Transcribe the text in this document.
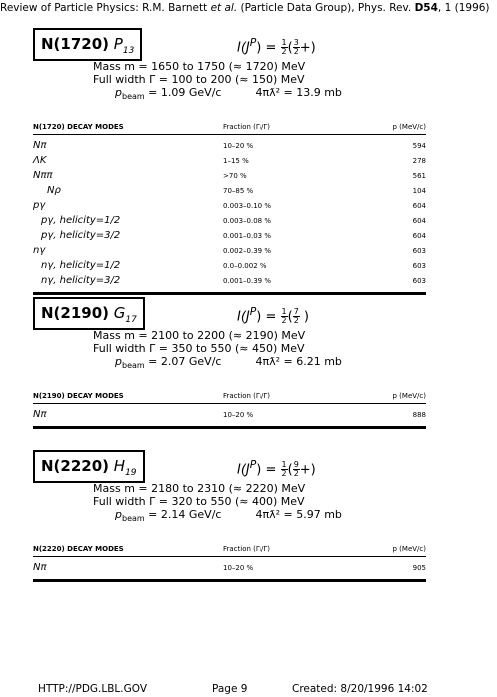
Review of Particle Physics: R.M. Barnett et al. (Particle Data Group), Phys. Rev. D54, 1 (1996)
N(1720) $P_{13}$	$I(J^P) = \frac{1}{2}( \frac{3}{2}+)$
Mass m = 1650 to 1750 (≈ 1720) MeV
Full width Γ = 100 to 200 (≈ 150) MeV
$p_{beam} = 1.09$ GeV/c	4πƛ² = 13.9 mb
N(1720) DECAY MODES	Fraction (Γᵢ/Γ)	p (MeV/c)
Nπ	10–20 %	594
ΛK	1–15 %	278
Nππ	>70 %	561
Nρ	70–85 %	104
pγ	0.003–0.10 %	604
pγ, helicity=1/2	0.003–0.08 %	604
pγ, helicity=3/2	0.001–0.03 %	604
nγ	0.002–0.39 %	603
nγ, helicity=1/2	0.0–0.002 %	603
nγ, helicity=3/2	0.001–0.39 %	603
N(2190) $G_{17}$	$I(J^P) = \frac{1}{2}( \frac{7}{2}$ )
Mass m = 2100 to 2200 (≈ 2190) MeV
Full width Γ = 350 to 550 (≈ 450) MeV
$p_{beam} = 2.07$ GeV/c	4πƛ² = 6.21 mb
N(2190) DECAY MODES	Fraction (Γᵢ/Γ)	p (MeV/c)
Nπ	10–20 %	888
N(2220) $H_{19}$	$I(J^P) = \frac{1}{2}( \frac{9}{2}+)$
Mass m = 2180 to 2310 (≈ 2220) MeV
Full width Γ = 320 to 550 (≈ 400) MeV
$p_{beam} = 2.14$ GeV/c	4πƛ² = 5.97 mb
N(2220) DECAY MODES	Fraction (Γᵢ/Γ)	p (MeV/c)
Nπ	10–20 %	905
HTTP://PDG.LBL.GOV	Page 9	Created: 8/20/1996 14:02
